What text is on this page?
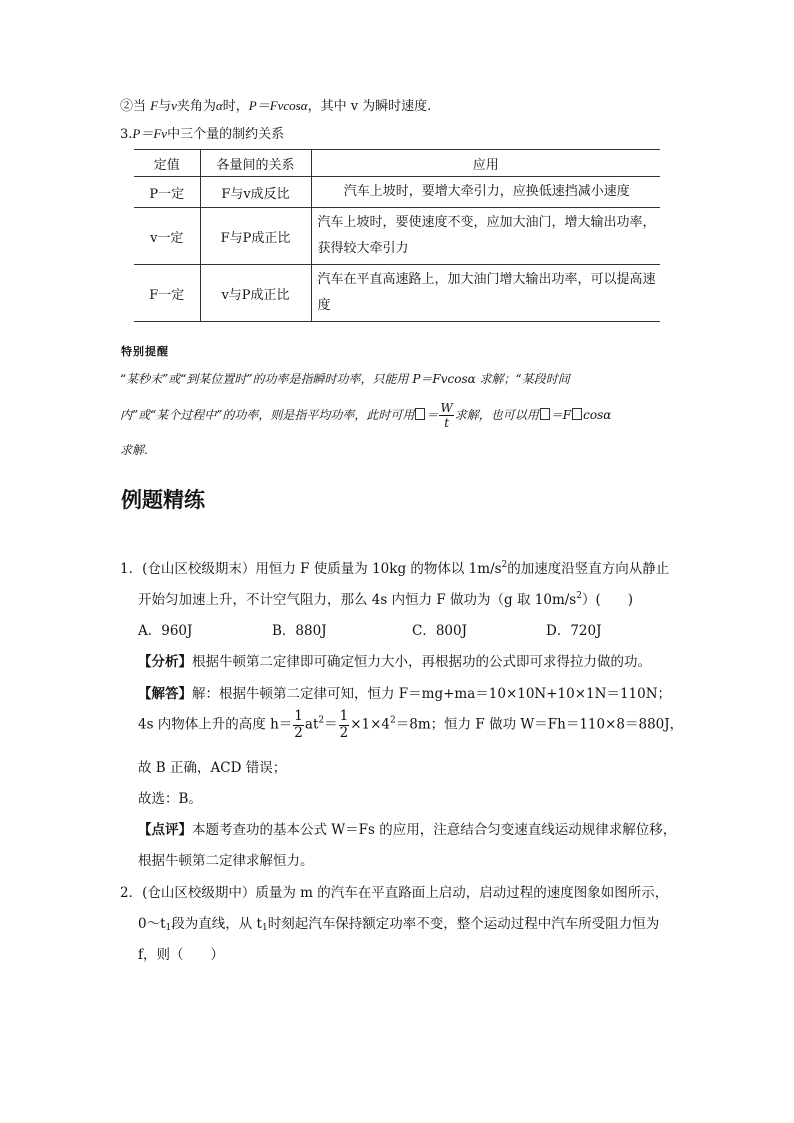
②当 F与v夹角为α时，P＝Fvcosα，其中 v 为瞬时速度.
3.P＝Fv中三个量的制约关系
定值	各量间的关系	应用
P一定	F与v成反比	汽车上坡时，要增大牵引力，应换低速挡减小速度
v一定	F与P成正比	汽车上坡时，要使速度不变，应加大油门，增大输出功率，获得较大牵引力
F一定	v与P成正比	汽车在平直高速路上，加大油门增大输出功率，可以提高速度
特别提醒
“某秒末”或“到某位置时”的功率是指瞬时功率，只能用 P＝Fvcosα 求解；“某段时间
内”或“某个过程中”的功率，则是指平均功率，此时可用 ＝ $\frac{W}{t}$ 求解，也可以用 ＝F cosα
求解.
例题精练
1．(仓山区校级期末）用恒力 F 使质量为 10kg 的物体以 $1m/s^2$的加速度沿竖直方向从静止
开始匀加速上升，不计空气阻力，那么 4s 内恒力 F 做功为（g 取 $10m/s^2$）(　　)
A．960J	B．880J	C．800J	D．720J
【分析】根据牛顿第二定律即可确定恒力大小，再根据功的公式即可求得拉力做的功。
【解答】解：根据牛顿第二定律可知，恒力 F＝mg+ma＝10×10N+10×1N＝110N；
4s 内物体上升的高度 $h= \frac{1}{2} at^2= \frac{1}{2} \times 1\times 4^2=8m$；恒力 F 做功 W＝Fh＝110×8＝880J，
故 B 正确，ACD 错误；
故选：B。
【点评】本题考查功的基本公式 W＝Fs 的应用，注意结合匀变速直线运动规律求解位移，
根据牛顿第二定律求解恒力。
2．(仓山区校级期中）质量为 m 的汽车在平直路面上启动，启动过程的速度图象如图所示，
$0\sim t_1$段为直线，从 $t_1$时刻起汽车保持额定功率不变，整个运动过程中汽车所受阻力恒为
f，则（　　）
